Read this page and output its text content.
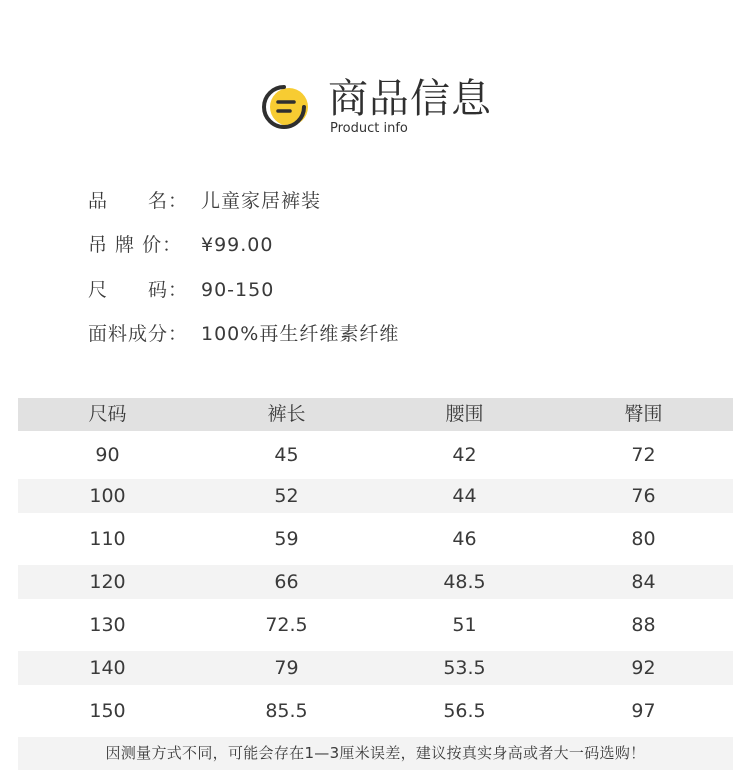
商品信息
Product info
品　　名： 儿童家居裤装
吊 牌 价： ¥99.00
尺　　码： 90-150
面料成分： 100%再生纤维素纤维
尺码	裤长	腰围	臀围
90	45	42	72
100	52	44	76
110	59	46	80
120	66	48.5	84
130	72.5	51	88
140	79	53.5	92
150	85.5	56.5	97
因测量方式不同，可能会存在1—3厘米误差，建议按真实身高或者大一码选购！
